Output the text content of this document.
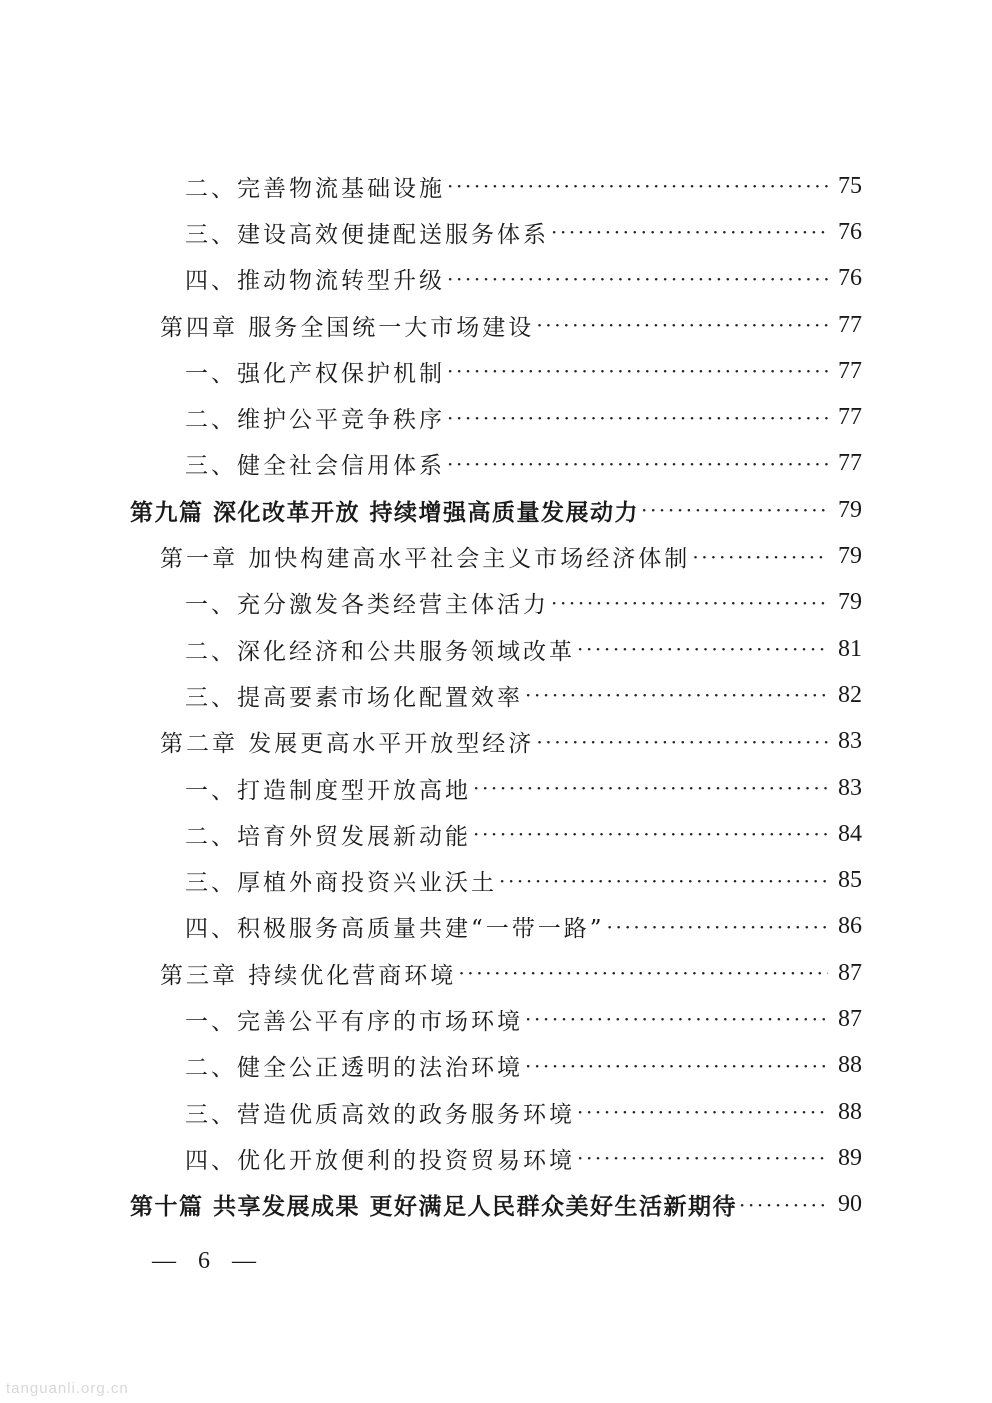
二、完善物流基础设施 ·····	75
三、建设高效便捷配送服务体系 ·····	76
四、推动物流转型升级 ·····	76
第四章 服务全国统一大市场建设 ·····	77
一、强化产权保护机制 ·····	77
二、维护公平竞争秩序 ·····	77
三、健全社会信用体系 ·····	77
第九篇 深化改革开放 持续增强高质量发展动力 ·····	79
第一章 加快构建高水平社会主义市场经济体制 ·····	79
一、充分激发各类经营主体活力 ·····	79
二、深化经济和公共服务领域改革 ·····	81
三、提高要素市场化配置效率 ·····	82
第二章 发展更高水平开放型经济 ·····	83
一、打造制度型开放高地 ·····	83
二、培育外贸发展新动能 ·····	84
三、厚植外商投资兴业沃土 ·····	85
四、积极服务高质量共建“一带一路” ·····	86
第三章 持续优化营商环境 ·····	87
一、完善公平有序的市场环境 ·····	87
二、健全公正透明的法治环境 ·····	88
三、营造优质高效的政务服务环境 ·····	88
四、优化开放便利的投资贸易环境 ·····	89
第十篇 共享发展成果 更好满足人民群众美好生活新期待 ·····	90
— 6 —
tanguanli.org.cn
